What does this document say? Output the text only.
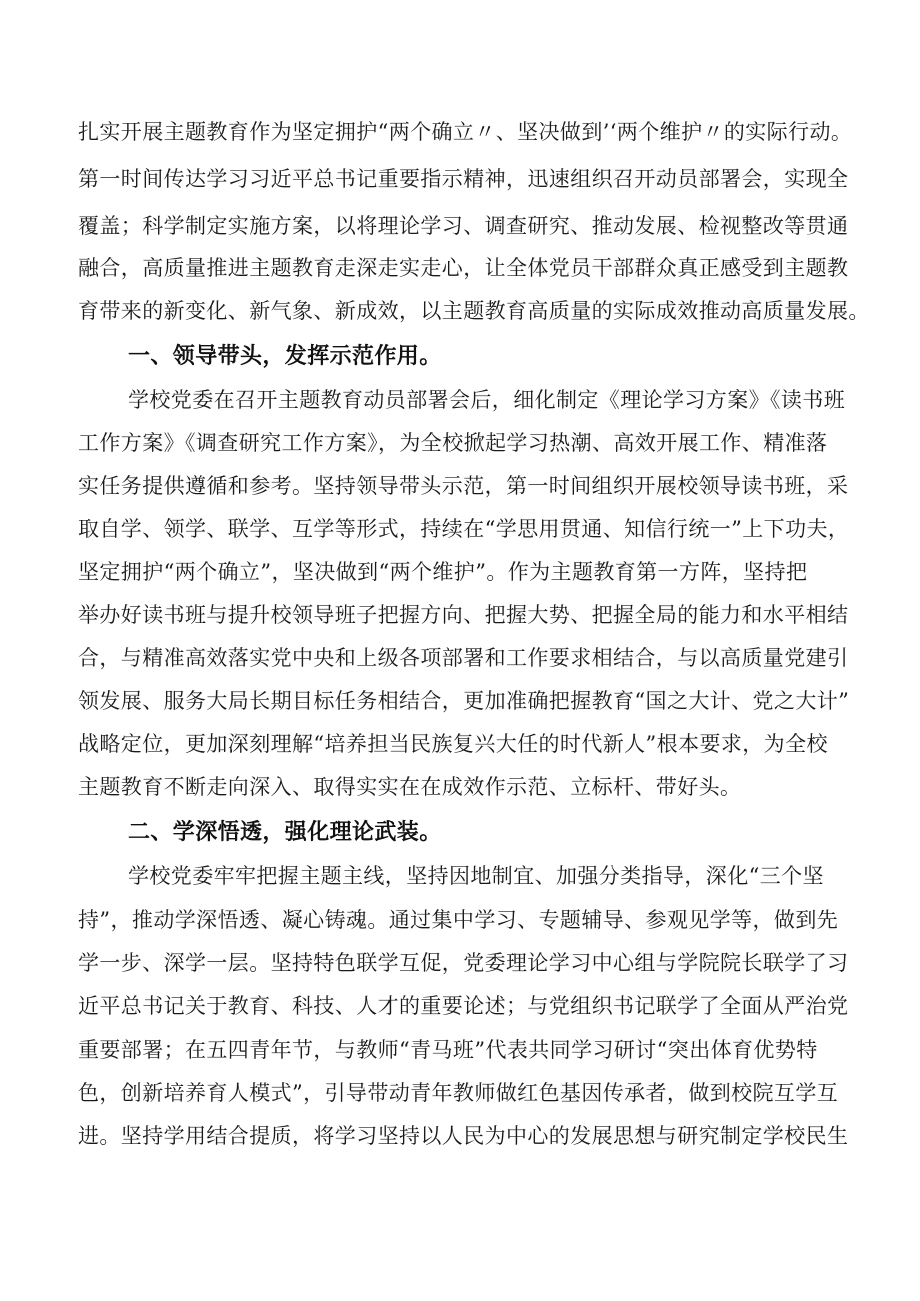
扎实开展主题教育作为坚定拥护“两个确立〃、坚决做到’‘两个维护〃的实际行动。
第一时间传达学习习近平总书记重要指示精神，迅速组织召开动员部署会，实现全
覆盖；科学制定实施方案，以将理论学习、调查研究、推动发展、检视整改等贯通
融合，高质量推进主题教育走深走实走心，让全体党员干部群众真正感受到主题教
育带来的新变化、新气象、新成效，以主题教育高质量的实际成效推动高质量发展。
一、领导带头，发挥示范作用。
学校党委在召开主题教育动员部署会后，细化制定《理论学习方案》《读书班
工作方案》《调查研究工作方案》，为全校掀起学习热潮、高效开展工作、精准落
实任务提供遵循和参考。坚持领导带头示范，第一时间组织开展校领导读书班，采
取自学、领学、联学、互学等形式，持续在“学思用贯通、知信行统一”上下功夫，
坚定拥护“两个确立”，坚决做到“两个维护”。作为主题教育第一方阵，坚持把
举办好读书班与提升校领导班子把握方向、把握大势、把握全局的能力和水平相结
合，与精准高效落实党中央和上级各项部署和工作要求相结合，与以高质量党建引
领发展、服务大局长期目标任务相结合，更加准确把握教育“国之大计、党之大计”
战略定位，更加深刻理解“培养担当民族复兴大任的时代新人”根本要求，为全校
主题教育不断走向深入、取得实实在在成效作示范、立标杆、带好头。
二、学深悟透，强化理论武装。
学校党委牢牢把握主题主线，坚持因地制宜、加强分类指导，深化“三个坚
持”，推动学深悟透、凝心铸魂。通过集中学习、专题辅导、参观见学等，做到先
学一步、深学一层。坚持特色联学互促，党委理论学习中心组与学院院长联学了习
近平总书记关于教育、科技、人才的重要论述；与党组织书记联学了全面从严治党
重要部署；在五四青年节，与教师“青马班”代表共同学习研讨“突出体育优势特
色，创新培养育人模式”，引导带动青年教师做红色基因传承者，做到校院互学互
进。坚持学用结合提质，将学习坚持以人民为中心的发展思想与研究制定学校民生
